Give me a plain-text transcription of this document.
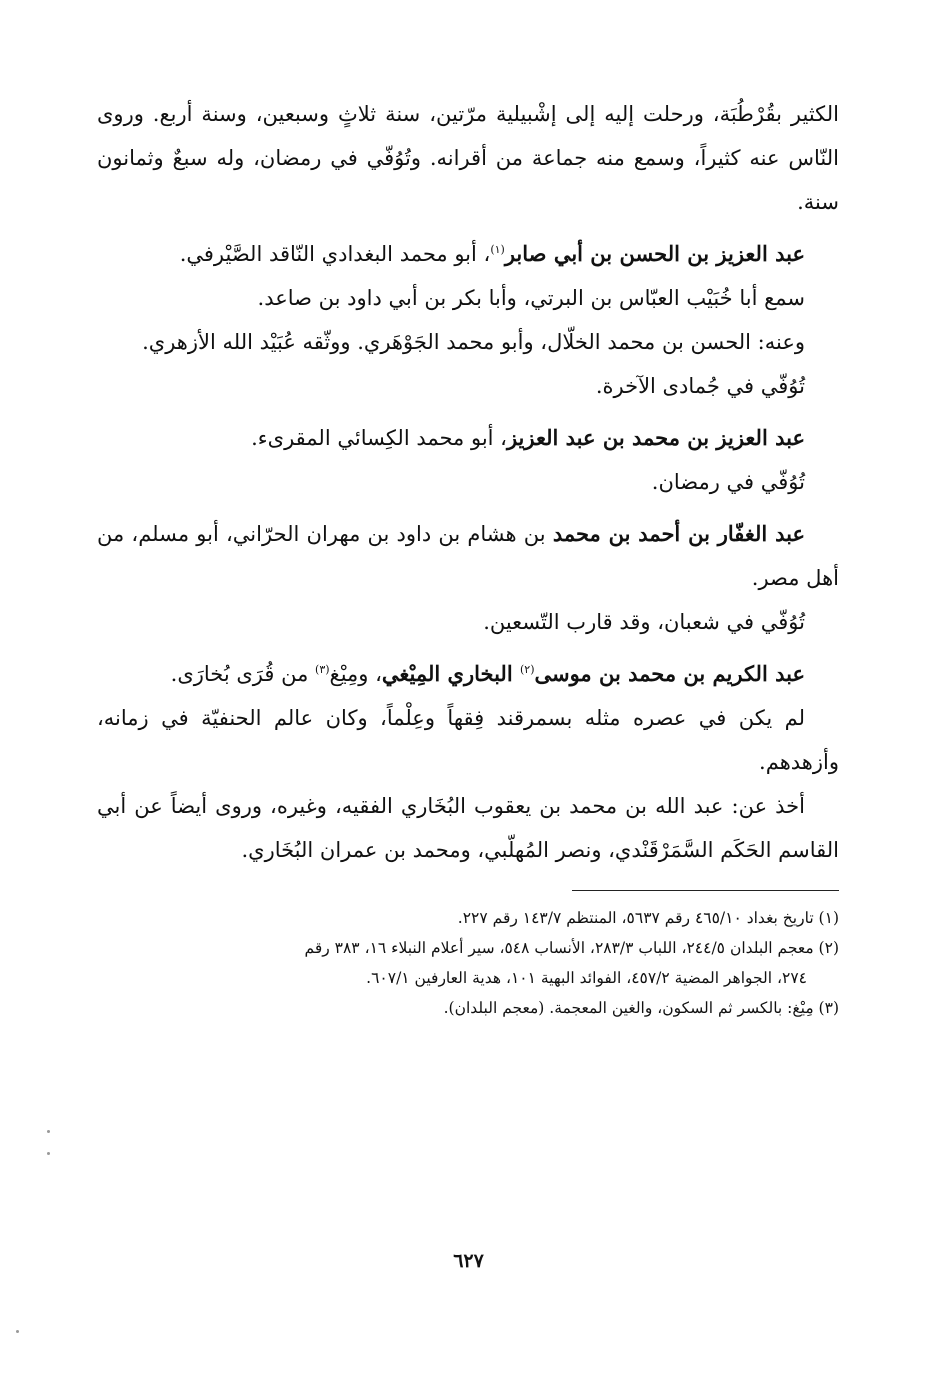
الكثير بقُرْطُبَة، ورحلت إليه إلى إشْبيلية مرّتين، سنة ثلاثٍ وسبعين، وسنة أربع. وروى النّاس عنه كثيراً، وسمع منه جماعة من أقرانه. وتُوُفّي في رمضان، وله سبعٌ وثمانون سنة.

عبد العزيز بن الحسن بن أبي صابر$^{(١)}$، أبو محمد البغدادي النّاقد الصَّيْرفي.

سمع أبا خُبَيْب العبّاس بن البرتي، وأبا بكر بن أبي داود بن صاعد.

وعنه: الحسن بن محمد الخلّال، وأبو محمد الجَوْهَري. ووثّقه عُبَيْد الله الأزهري.

تُوُفّي في جُمادى الآخرة.

عبد العزيز بن محمد بن عبد العزيز، أبو محمد الكِسائي المقرىء.

تُوُفّي في رمضان.

عبد الغفّار بن أحمد بن محمد بن هشام بن داود بن مهران الحرّاني، أبو مسلم، من أهل مصر.

تُوُفّي في شعبان، وقد قارب التّسعين.

عبد الكريم بن محمد بن موسى$^{(٢)}$ البخاري المِيْغي، ومِيْغ$^{(٣)}$ من قُرَى بُخارَى.

لم يكن في عصره مثله بسمرقند فِقهاً وعِلْماً، وكان عالم الحنفيّة في زمانه، وأزهدهم.

أخذ عن: عبد الله بن محمد بن يعقوب البُخَاري الفقيه، وغيره، وروى أيضاً عن أبي القاسم الحَكَم السَّمَرْقَنْدي، ونصر المُهلّبي، ومحمد بن عمران البُخَاري.

(١) تاريخ بغداد ٤٦٥/١٠ رقم ٥٦٣٧، المنتظم ١٤٣/٧ رقم ٢٢٧.

(٢) معجم البلدان ٢٤٤/٥، اللباب ٢٨٣/٣، الأنساب ٥٤٨، سير أعلام النبلاء ١٦، ٣٨٣ رقم

٢٧٤، الجواهر المضية ٤٥٧/٢، الفوائد البهية ١٠١، هدية العارفين ٦٠٧/١.

(٣) مِيْغ: بالكسر ثم السكون، والغين المعجمة. (معجم البلدان).

٦٢٧
